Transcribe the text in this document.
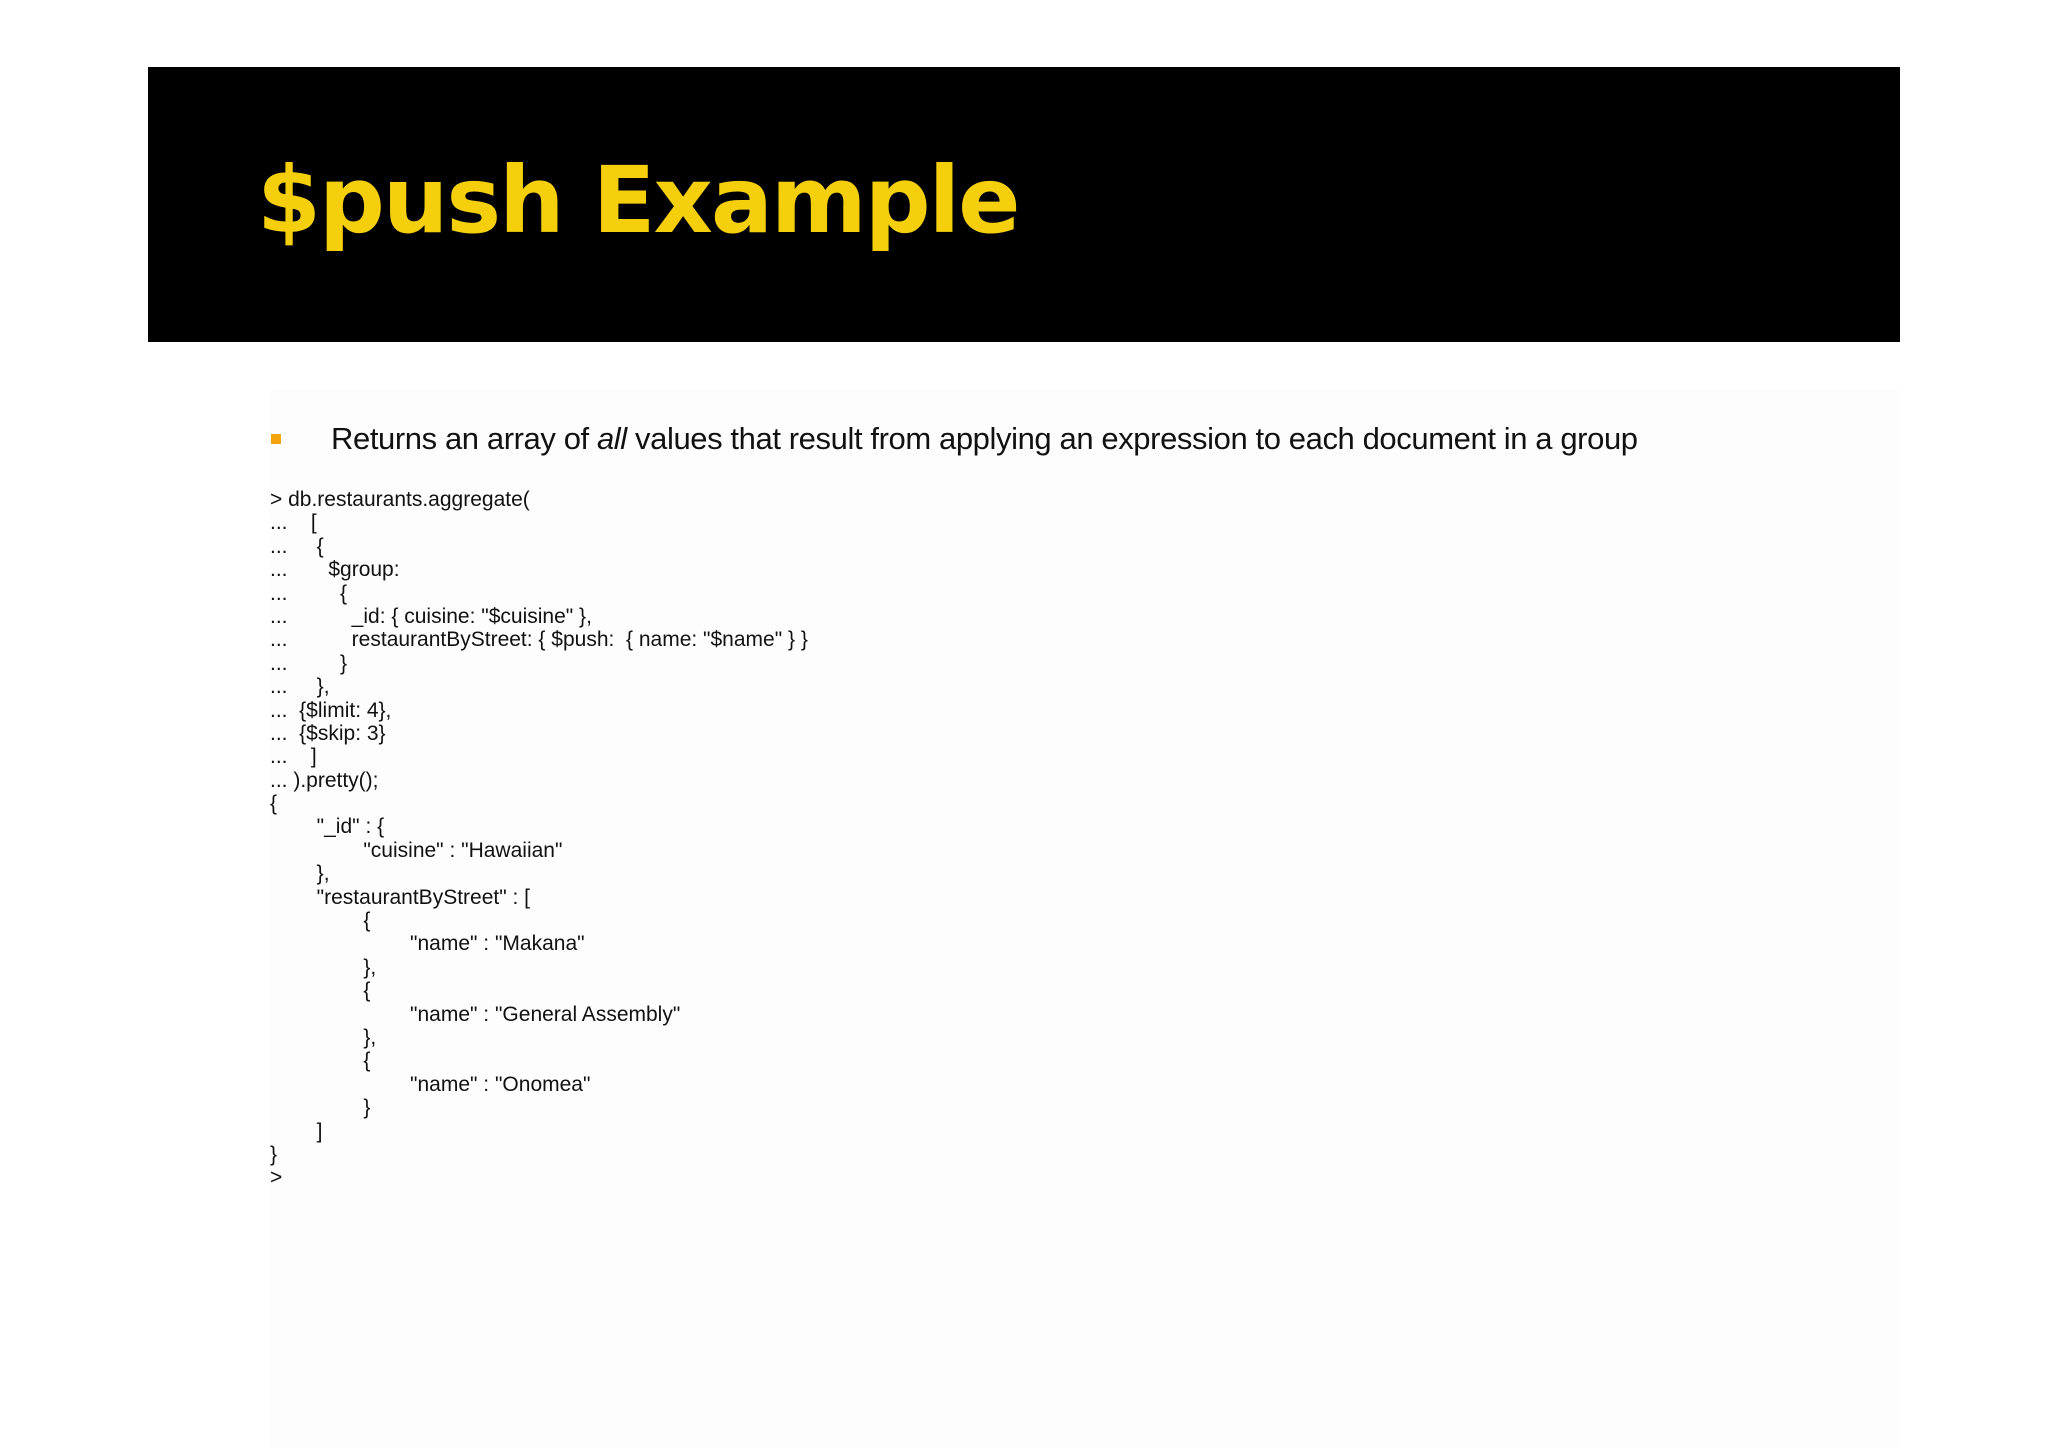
$push Example
Returns an array of all values that result from applying an expression to each document in a group
> db.restaurants.aggregate(
...    [
...     {
...       $group:
...         {
...           _id: { cuisine: "$cuisine" },
...           restaurantByStreet: { $push:  { name: "$name" } }
...         }
...     },
...  {$limit: 4},
...  {$skip: 3}
...    ]
... ).pretty();
{
"_id" : {
"cuisine" : "Hawaiian"
},
"restaurantByStreet" : [
{
"name" : "Makana"
},
{
"name" : "General Assembly"
},
{
"name" : "Onomea"
}
]
}
>
